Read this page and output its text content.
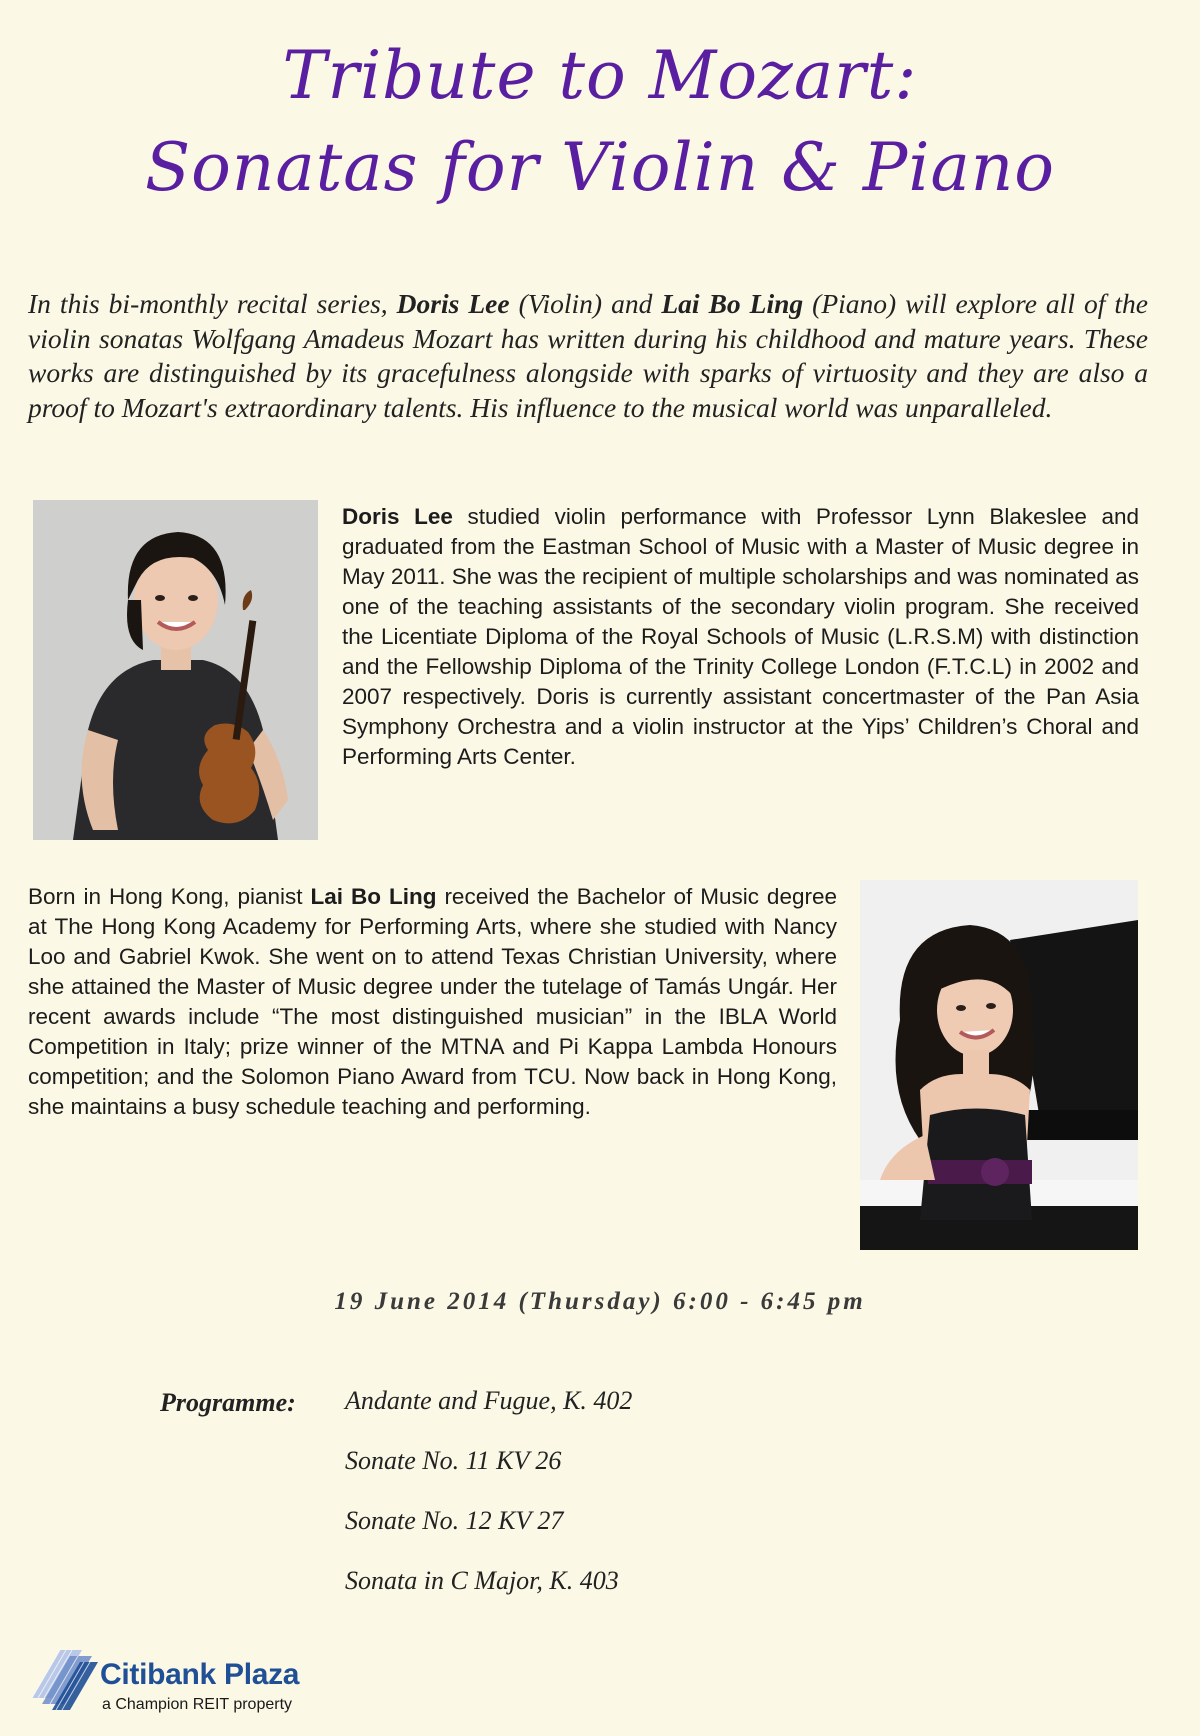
Tribute to Mozart:
Sonatas for Violin & Piano
In this bi-monthly recital series, Doris Lee (Violin) and Lai Bo Ling (Piano) will explore all of the violin sonatas Wolfgang Amadeus Mozart has written during his childhood and mature years. These works are distinguished by its gracefulness alongside with sparks of virtuosity and they are also a proof to Mozart's extraordinary talents. His influence to the musical world was unparalleled.
Doris Lee studied violin performance with Professor Lynn Blakeslee and graduated from the Eastman School of Music with a Master of Music degree in May 2011. She was the recipient of multiple scholarships and was nominated as one of the teaching assistants of the secondary violin program. She received the Licentiate Diploma of the Royal Schools of Music (L.R.S.M) with distinction and the Fellowship Diploma of the Trinity College London (F.T.C.L) in 2002 and 2007 respectively. Doris is currently assistant concertmaster of the Pan Asia Symphony Orchestra and a violin instructor at the Yips’ Children’s Choral and Performing Arts Center.
Born in Hong Kong, pianist Lai Bo Ling received the Bachelor of Music degree at The Hong Kong Academy for Performing Arts, where she studied with Nancy Loo and Gabriel Kwok. She went on to attend Texas Christian University, where she attained the Master of Music degree under the tutelage of Tamás Ungár. Her recent awards include “The most distinguished musician” in the IBLA World Competition in Italy; prize winner of the MTNA and Pi Kappa Lambda Honours competition; and the Solomon Piano Award from TCU. Now back in Hong Kong, she maintains a busy schedule teaching and performing.
19 June 2014 (Thursday) 6:00 - 6:45 pm
Programme: Andante and Fugue, K. 402
Sonate No. 11 KV 26
Sonate No. 12 KV 27
Sonata in C Major, K. 403
Citibank Plaza
a Champion REIT property
